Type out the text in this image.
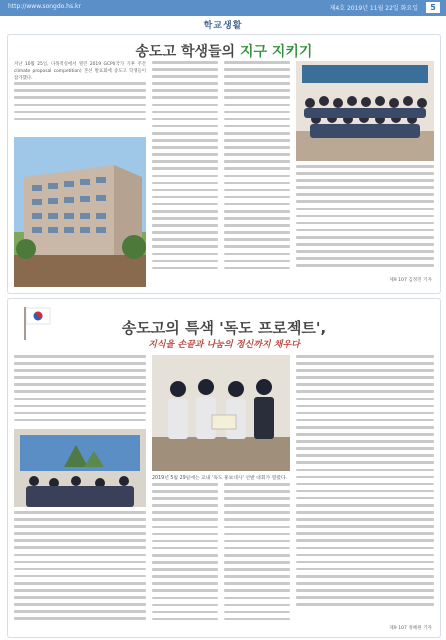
http://www.songdo.hs.kr	제4호 2019년 11월 22일 화요일	5
학교생활
송도고 학생들의 지구 지키기
지난 10월 25일, 다목적실에서 열린 2019 GCPI(국가 기후 주간 climate proposal competition) 본선 발표회에 송도고 학생들이 참가했다.
제9 107 김정민 기자
송도고의 특색 '독도 프로젝트',
지식을 손끝과 나눔의 정신까지 채우다
2019년 5월 29일에는 교내 '독도 홍보대사' 선발 대회가 열렸다.
제9 107 정혜원 기자
